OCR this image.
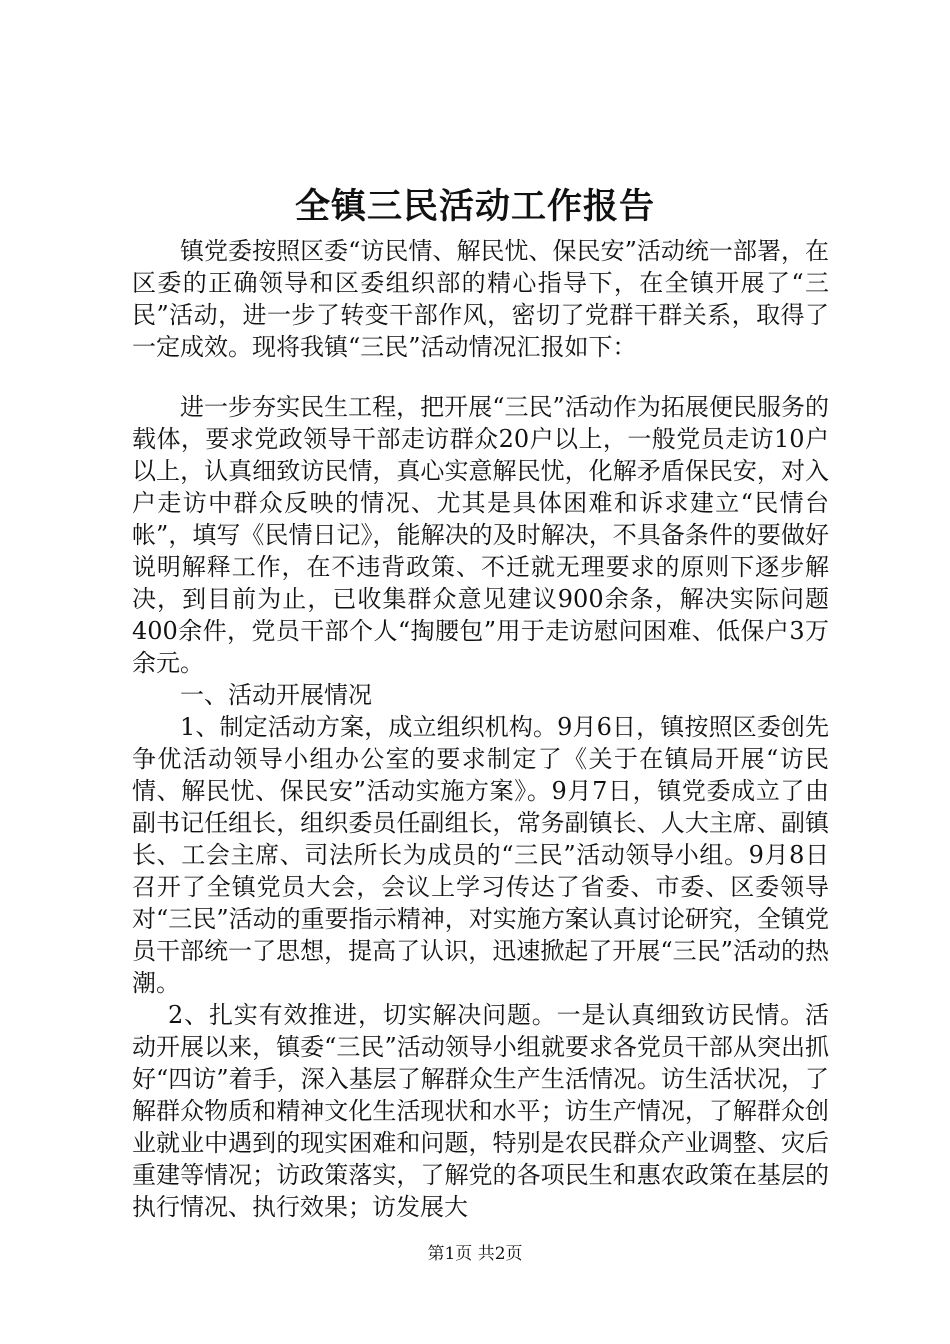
全镇三民活动工作报告

镇党委按照区委“访民情、解民忧、保民安”活动统一部署，在区委的正确领导和区委组织部的精心指导下，在全镇开展了“三民”活动，进一步了转变干部作风，密切了党群干群关系，取得了一定成效。现将我镇“三民”活动情况汇报如下：

进一步夯实民生工程，把开展“三民”活动作为拓展便民服务的载体，要求党政领导干部走访群众20户以上，一般党员走访10户以上，认真细致访民情，真心实意解民忧，化解矛盾保民安，对入户走访中群众反映的情况、尤其是具体困难和诉求建立“民情台帐”，填写《民情日记》，能解决的及时解决，不具备条件的要做好说明解释工作，在不违背政策、不迁就无理要求的原则下逐步解决，到目前为止，已收集群众意见建议900余条，解决实际问题400余件，党员干部个人“掏腰包”用于走访慰问困难、低保户3万余元。

一、活动开展情况

1、制定活动方案，成立组织机构。9月6日，镇按照区委创先争优活动领导小组办公室的要求制定了《关于在镇局开展“访民情、解民忧、保民安”活动实施方案》。9月7日，镇党委成立了由副书记任组长，组织委员任副组长，常务副镇长、人大主席、副镇长、工会主席、司法所长为成员的“三民”活动领导小组。9月8日召开了全镇党员大会，会议上学习传达了省委、市委、区委领导对“三民”活动的重要指示精神，对实施方案认真讨论研究，全镇党员干部统一了思想，提高了认识，迅速掀起了开展“三民”活动的热潮。

2、扎实有效推进，切实解决问题。一是认真细致访民情。活动开展以来，镇委“三民”活动领导小组就要求各党员干部从突出抓好“四访”着手，深入基层了解群众生产生活情况。访生活状况，了解群众物质和精神文化生活现状和水平；访生产情况，了解群众创业就业中遇到的现实困难和问题，特别是农民群众产业调整、灾后重建等情况；访政策落实，了解党的各项民生和惠农政策在基层的执行情况、执行效果；访发展大

第1页 共2页
